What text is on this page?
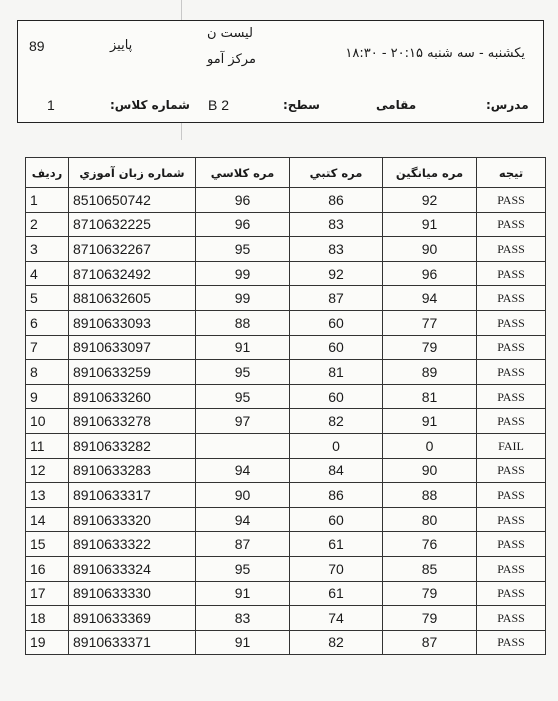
89	پاییز
لیست ن
مرکز آمو	یکشنبه - سه شنبه ۲۰:۱۵ - ۱۸:۳۰
1	شماره کلاس: B 2	سطح:	مقامی	مدرس:
ردیف	شماره زبان آموزي	مره كلاسي	مره كتبي	مره میانگین	تیجه
1	8510650742	96	86	92	PASS
2	8710632225	96	83	91	PASS
3	8710632267	95	83	90	PASS
4	8710632492	99	92	96	PASS
5	8810632605	99	87	94	PASS
6	8910633093	88	60	77	PASS
7	8910633097	91	60	79	PASS
8	8910633259	95	81	89	PASS
9	8910633260	95	60	81	PASS
10	8910633278	97	82	91	PASS
11	8910633282		0	0	FAIL
12	8910633283	94	84	90	PASS
13	8910633317	90	86	88	PASS
14	8910633320	94	60	80	PASS
15	8910633322	87	61	76	PASS
16	8910633324	95	70	85	PASS
17	8910633330	91	61	79	PASS
18	8910633369	83	74	79	PASS
19	8910633371	91	82	87	PASS
